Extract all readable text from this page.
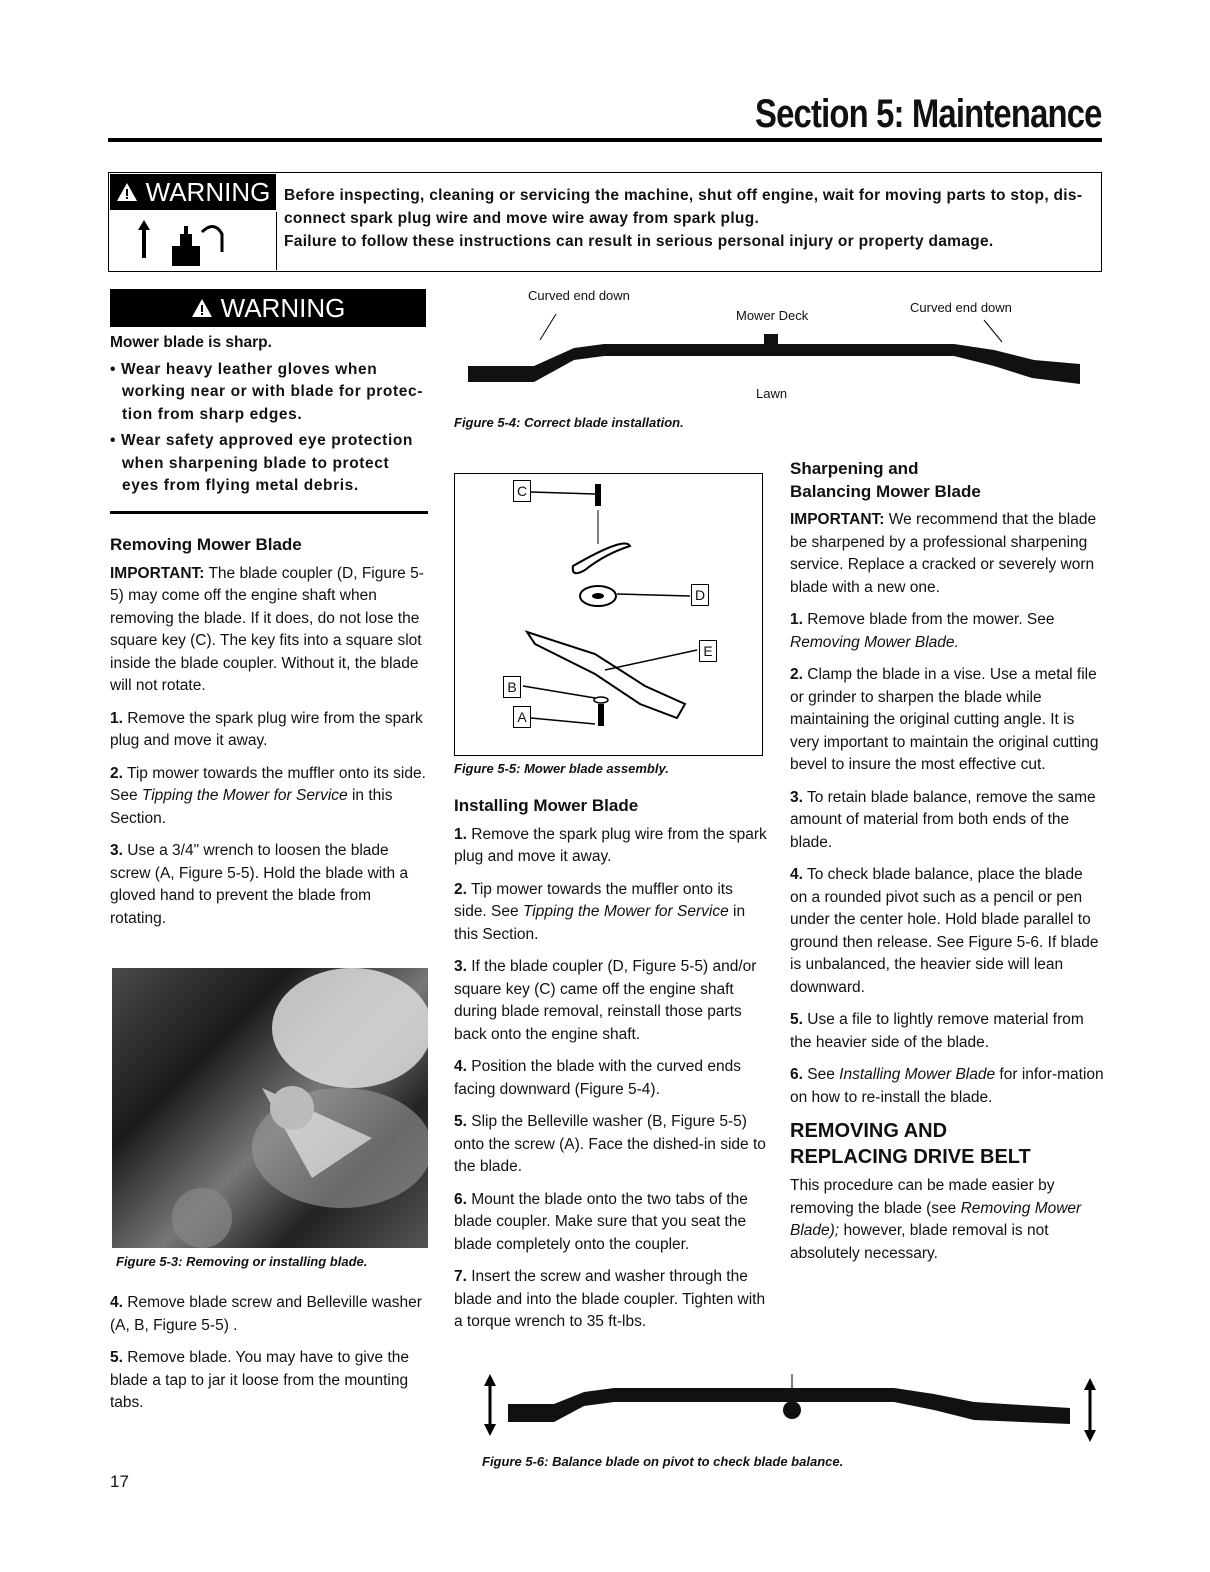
Section 5: Maintenance
WARNING Before inspecting, cleaning or servicing the machine, shut off engine, wait for moving parts to stop, dis-connect spark plug wire and move wire away from spark plug.

Failure to follow these instructions can result in serious personal injury or property damage.

WARNING

Mower blade is sharp.

• Wear heavy leather gloves when working near or with blade for protec-tion from sharp edges.
• Wear safety approved eye protection when sharpening blade to protect eyes from flying metal debris.
Removing Mower Blade

IMPORTANT: The blade coupler (D, Figure 5-5) may come off the engine shaft when removing the blade. If it does, do not lose the square key (C). The key fits into a square slot inside the blade coupler. Without it, the blade will not rotate.

1. Remove the spark plug wire from the spark plug and move it away.

2. Tip mower towards the muffler onto its side. See Tipping the Mower for Service in this Section.

3. Use a 3/4" wrench to loosen the blade screw (A, Figure 5-5). Hold the blade with a gloved hand to prevent the blade from rotating.

Figure 5-3: Removing or installing blade.

4. Remove blade screw and Belleville washer (A, B, Figure 5-5) .

5. Remove blade. You may have to give the blade a tap to jar it loose from the mounting tabs.

Curved end down
Mower Deck
Curved end down
Lawn
Figure 5-4: Correct blade installation.
C
D
E
B
A
Figure 5-5: Mower blade assembly.
Installing Mower Blade

1. Remove the spark plug wire from the spark plug and move it away.

2. Tip mower towards the muffler onto its side. See Tipping the Mower for Service in this Section.

3. If the blade coupler (D, Figure 5-5) and/or square key (C) came off the engine shaft during blade removal, reinstall those parts back onto the engine shaft.

4. Position the blade with the curved ends facing downward (Figure 5-4).

5. Slip the Belleville washer (B, Figure 5-5) onto the screw (A). Face the dished-in side to the blade.

6. Mount the blade onto the two tabs of the blade coupler. Make sure that you seat the blade completely onto the coupler.

7. Insert the screw and washer through the blade and into the blade coupler. Tighten with a torque wrench to 35 ft-lbs.

Sharpening and
Balancing Mower Blade

IMPORTANT: We recommend that the blade be sharpened by a professional sharpening service. Replace a cracked or severely worn blade with a new one.

1. Remove blade from the mower. See Removing Mower Blade.

2. Clamp the blade in a vise. Use a metal file or grinder to sharpen the blade while maintaining the original cutting angle. It is very important to maintain the original cutting bevel to insure the most effective cut.

3. To retain blade balance, remove the same amount of material from both ends of the blade.

4. To check blade balance, place the blade on a rounded pivot such as a pencil or pen under the center hole. Hold blade parallel to ground then release. See Figure 5-6. If blade is unbalanced, the heavier side will lean downward.

5. Use a file to lightly remove material from the heavier side of the blade.

6. See Installing Mower Blade for infor-mation on how to re-install the blade.

REMOVING AND
REPLACING DRIVE BELT

This procedure can be made easier by removing the blade (see Removing Mower Blade); however, blade removal is not absolutely necessary.

Figure 5-6: Balance blade on pivot to check blade balance.
17
